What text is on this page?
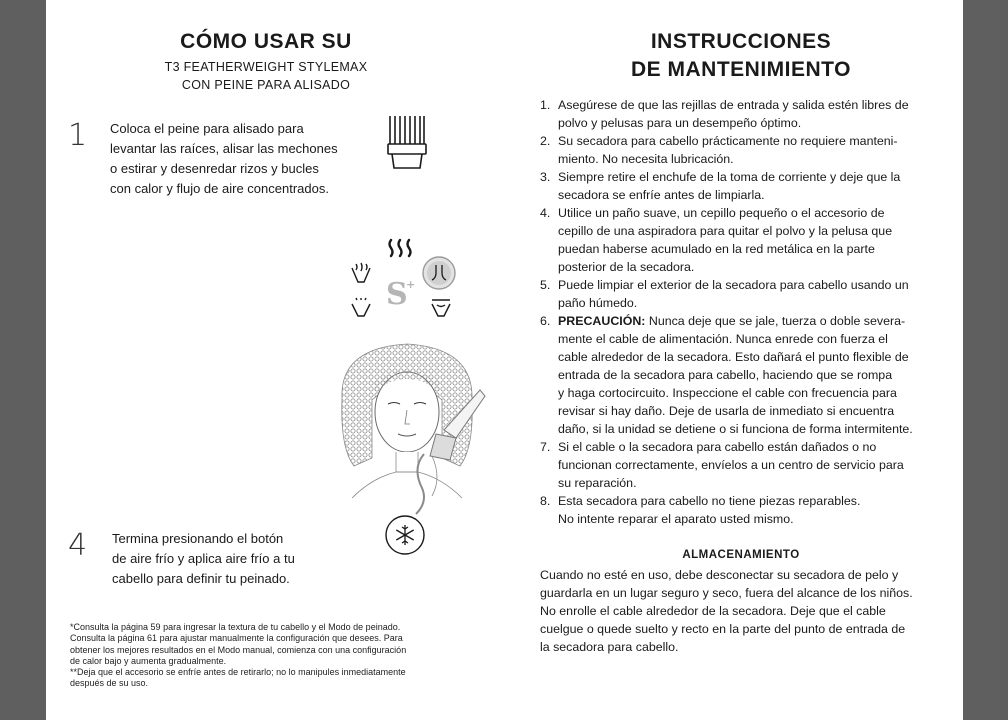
CÓMO USAR SU

T3 FEATHERWEIGHT STYLEMAX

CON PEINE PARA ALISADO

1 Coloca el peine para alisado para
levantar las raíces, alisar las mechones
o estirar y desenredar rizos y bucles
con calor y flujo de aire concentrados.
S
+
4 Termina presionando el botón
de aire frío y aplica aire frío a tu
cabello para definir tu peinado.
*Consulta la página 59 para ingresar la textura de tu cabello y el Modo de peinado.
Consulta la página 61 para ajustar manualmente la configuración que desees. Para
obtener los mejores resultados en el Modo manual, comienza con una configuración
de calor bajo y aumenta gradualmente.
**Deja que el accesorio se enfríe antes de retirarlo; no lo manipules inmediatamente
después de su uso.
INSTRUCCIONES
DE MANTENIMIENTO
1. Asegúrese de que las rejillas de entrada y salida estén libres de
polvo y pelusas para un desempeño óptimo.
2. Su secadora para cabello prácticamente no requiere manteni-
miento. No necesita lubricación.
3. Siempre retire el enchufe de la toma de corriente y deje que la
secadora se enfríe antes de limpiarla.
4. Utilice un paño suave, un cepillo pequeño o el accesorio de
cepillo de una aspiradora para quitar el polvo y la pelusa que
puedan haberse acumulado en la red metálica en la parte
posterior de la secadora.
5. Puede limpiar el exterior de la secadora para cabello usando un
paño húmedo.
6. PRECAUCIÓN: Nunca deje que se jale, tuerza o doble severa-
mente el cable de alimentación. Nunca enrede con fuerza el
cable alrededor de la secadora. Esto dañará el punto flexible de
entrada de la secadora para cabello, haciendo que se rompa
y haga cortocircuito. Inspeccione el cable con frecuencia para
revisar si hay daño. Deje de usarla de inmediato si encuentra
daño, si la unidad se detiene o si funciona de forma intermitente.
7. Si el cable o la secadora para cabello están dañados o no
funcionan correctamente, envíelos a un centro de servicio para
su reparación.
8. Esta secadora para cabello no tiene piezas reparables.
No intente reparar el aparato usted mismo.
ALMACENAMIENTO
Cuando no esté en uso, debe desconectar su secadora de pelo y
guardarla en un lugar seguro y seco, fuera del alcance de los niños.
No enrolle el cable alrededor de la secadora. Deje que el cable
cuelgue o quede suelto y recto en la parte del punto de entrada de
la secadora para cabello.
